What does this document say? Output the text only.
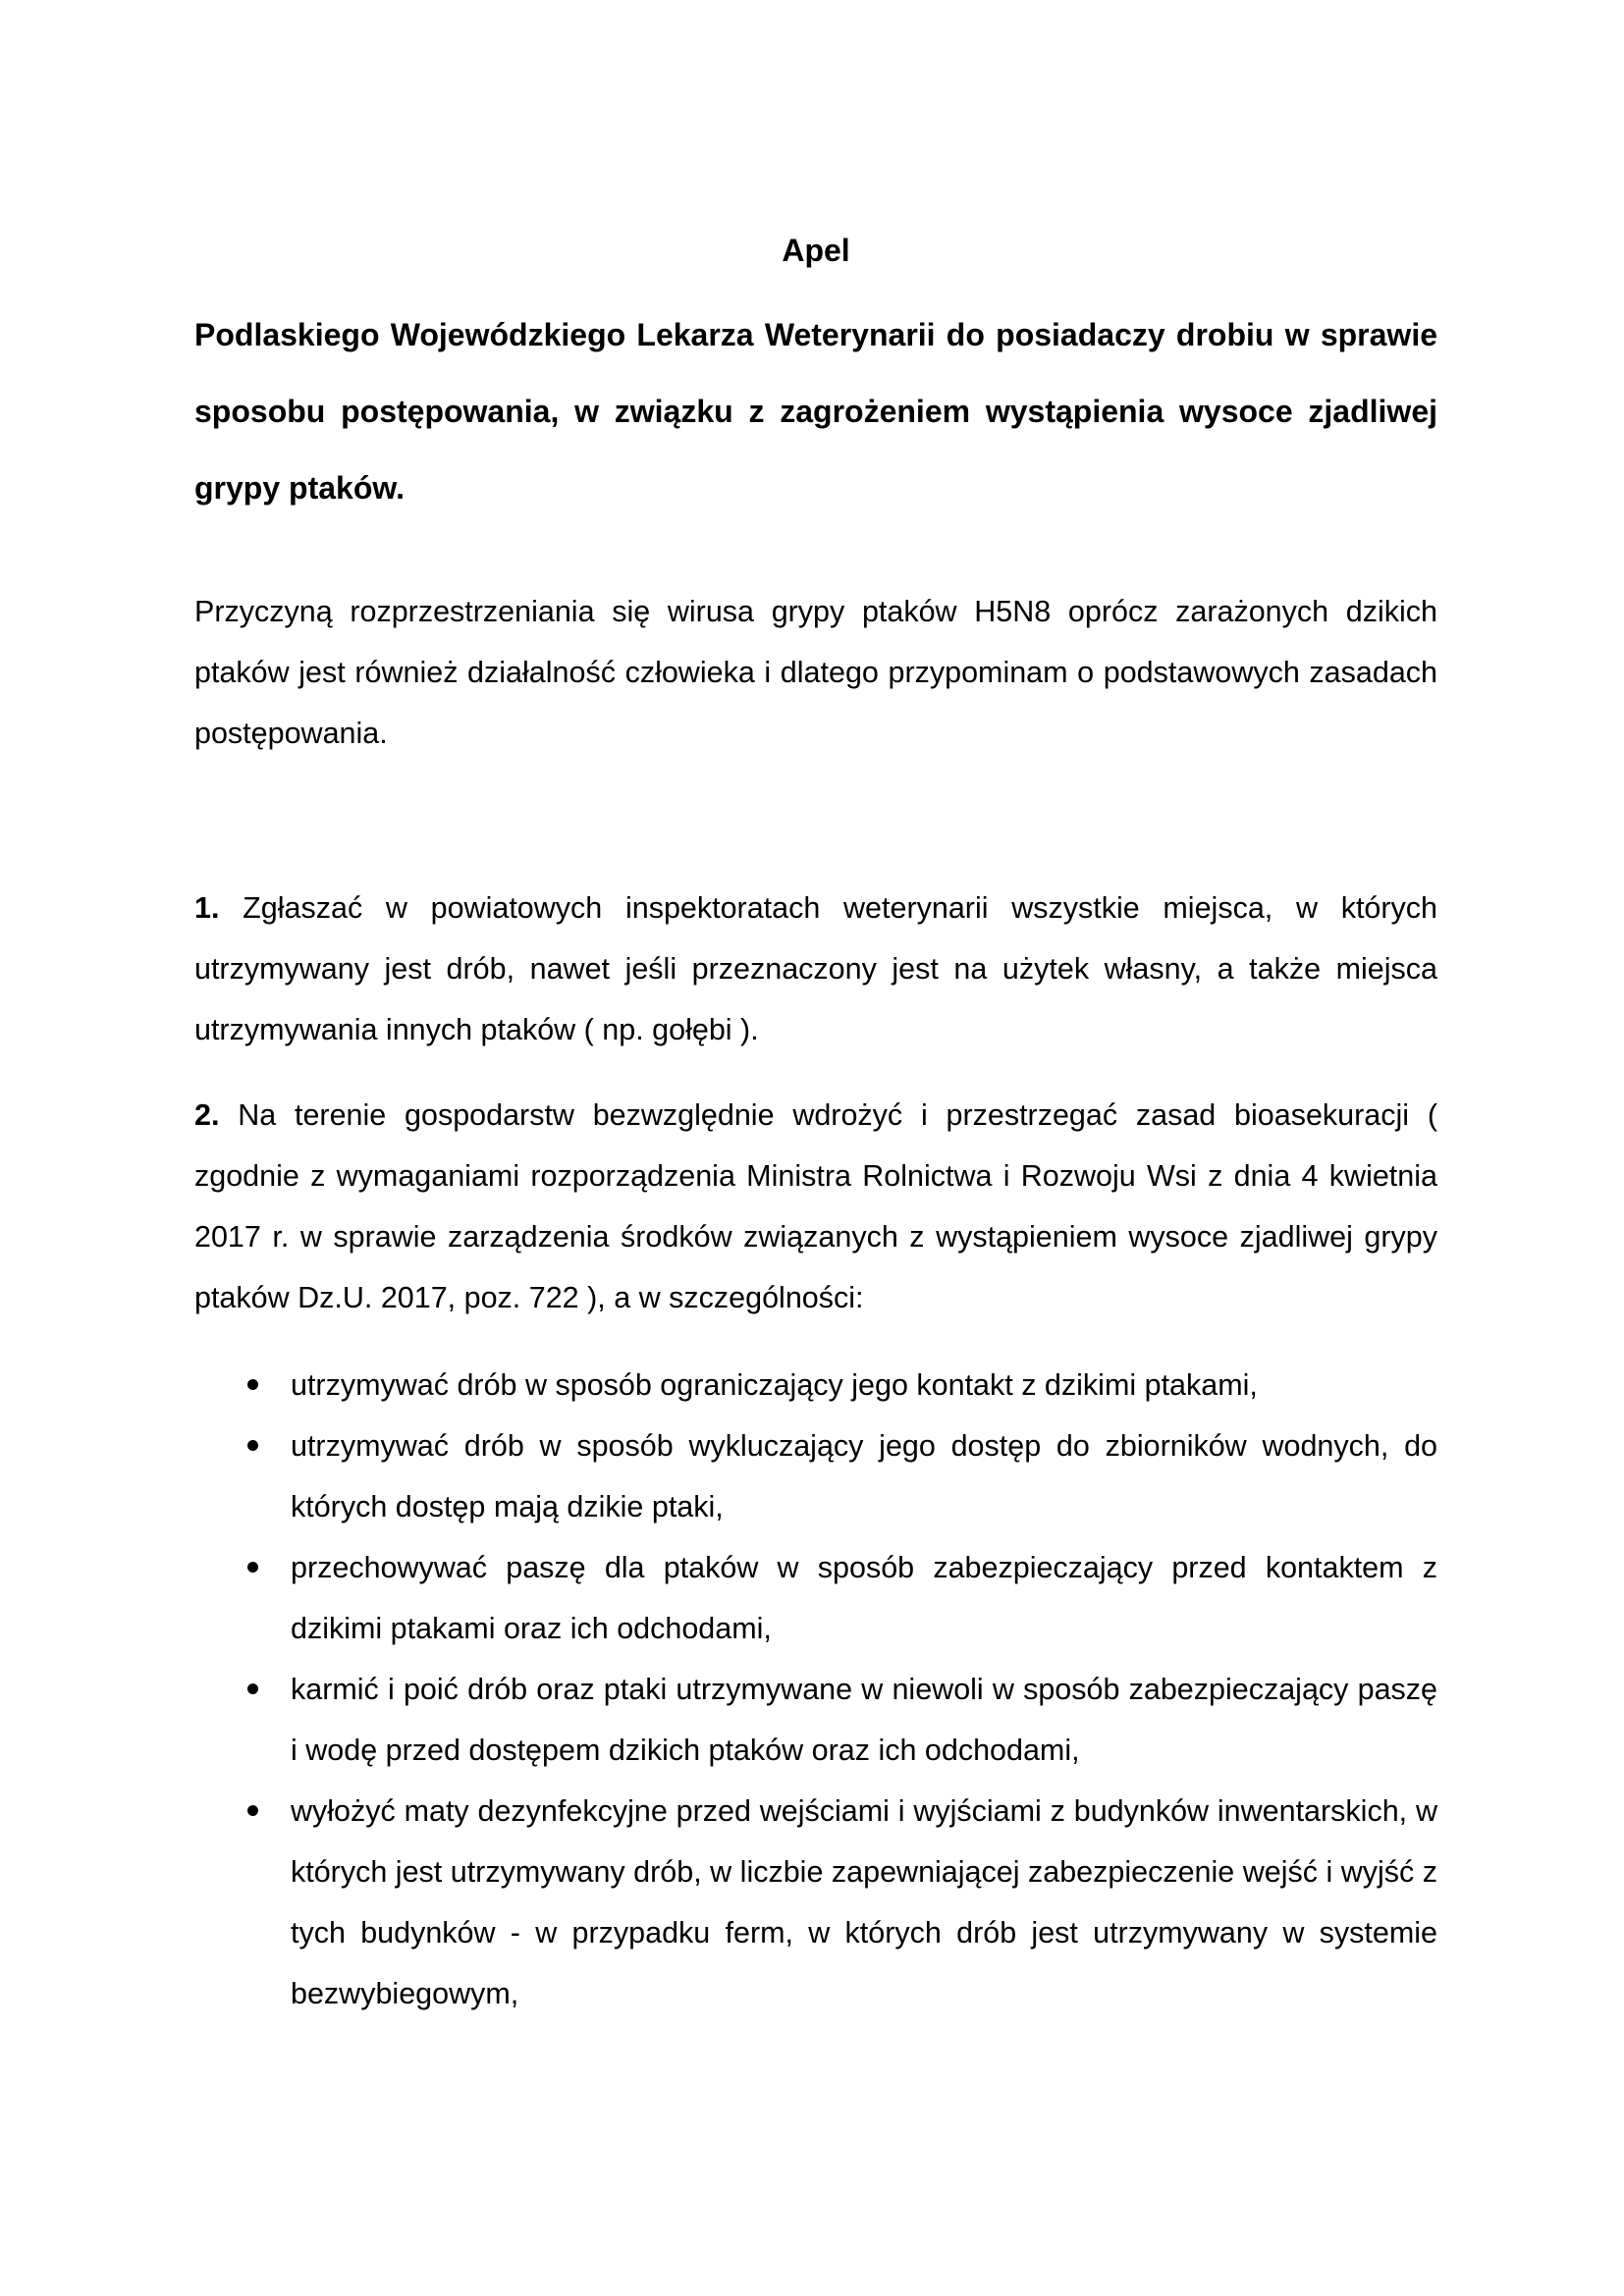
Apel
Podlaskiego Wojewódzkiego Lekarza Weterynarii do posiadaczy drobiu w sprawie sposobu postępowania, w związku z zagrożeniem wystąpienia wysoce zjadliwej grypy ptaków.
Przyczyną rozprzestrzeniania się wirusa grypy ptaków H5N8 oprócz zarażonych dzikich ptaków jest również działalność człowieka i dlatego przypominam o podstawowych zasadach postępowania.
1. Zgłaszać w powiatowych inspektoratach weterynarii wszystkie miejsca, w których utrzymywany jest drób, nawet jeśli przeznaczony jest na użytek własny, a także miejsca utrzymywania innych ptaków ( np. gołębi ).
2. Na terenie gospodarstw bezwzględnie wdrożyć i przestrzegać zasad bioasekuracji ( zgodnie z wymaganiami rozporządzenia Ministra Rolnictwa i Rozwoju Wsi z dnia 4 kwietnia 2017 r. w sprawie zarządzenia środków związanych z wystąpieniem wysoce zjadliwej grypy ptaków Dz.U. 2017, poz. 722 ), a w szczególności:
utrzymywać drób w sposób ograniczający jego kontakt z dzikimi ptakami,
utrzymywać drób w sposób wykluczający jego dostęp do zbiorników wodnych, do których dostęp mają dzikie ptaki,
przechowywać paszę dla ptaków w sposób zabezpieczający przed kontaktem z dzikimi ptakami oraz ich odchodami,
karmić i poić drób oraz ptaki utrzymywane w niewoli w sposób zabezpieczający paszę i wodę przed dostępem dzikich ptaków oraz ich odchodami,
wyłożyć maty dezynfekcyjne przed wejściami i wyjściami z budynków inwentarskich, w których jest utrzymywany drób, w liczbie zapewniającej zabezpieczenie wejść i wyjść z tych budynków - w przypadku ferm, w których drób jest utrzymywany w systemie bezwybiegowym,
